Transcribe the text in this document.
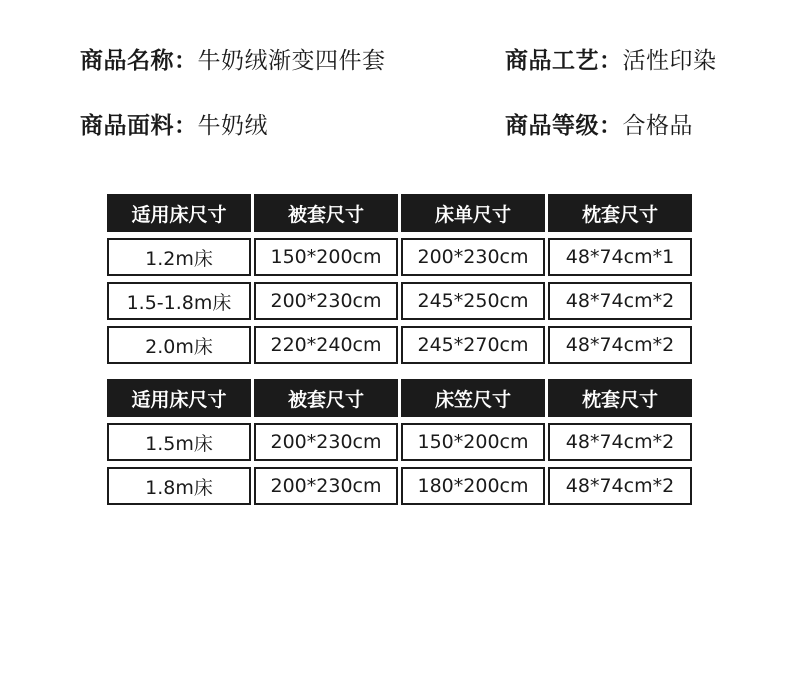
商品名称：牛奶绒渐变四件套	商品工艺：活性印染
商品面料：牛奶绒	商品等级：合格品
适用床尺寸	被套尺寸	床单尺寸	枕套尺寸
1.2m床	150*200cm	200*230cm	48*74cm*1
1.5-1.8m床	200*230cm	245*250cm	48*74cm*2
2.0m床	220*240cm	245*270cm	48*74cm*2
适用床尺寸	被套尺寸	床笠尺寸	枕套尺寸
1.5m床	200*230cm	150*200cm	48*74cm*2
1.8m床	200*230cm	180*200cm	48*74cm*2
